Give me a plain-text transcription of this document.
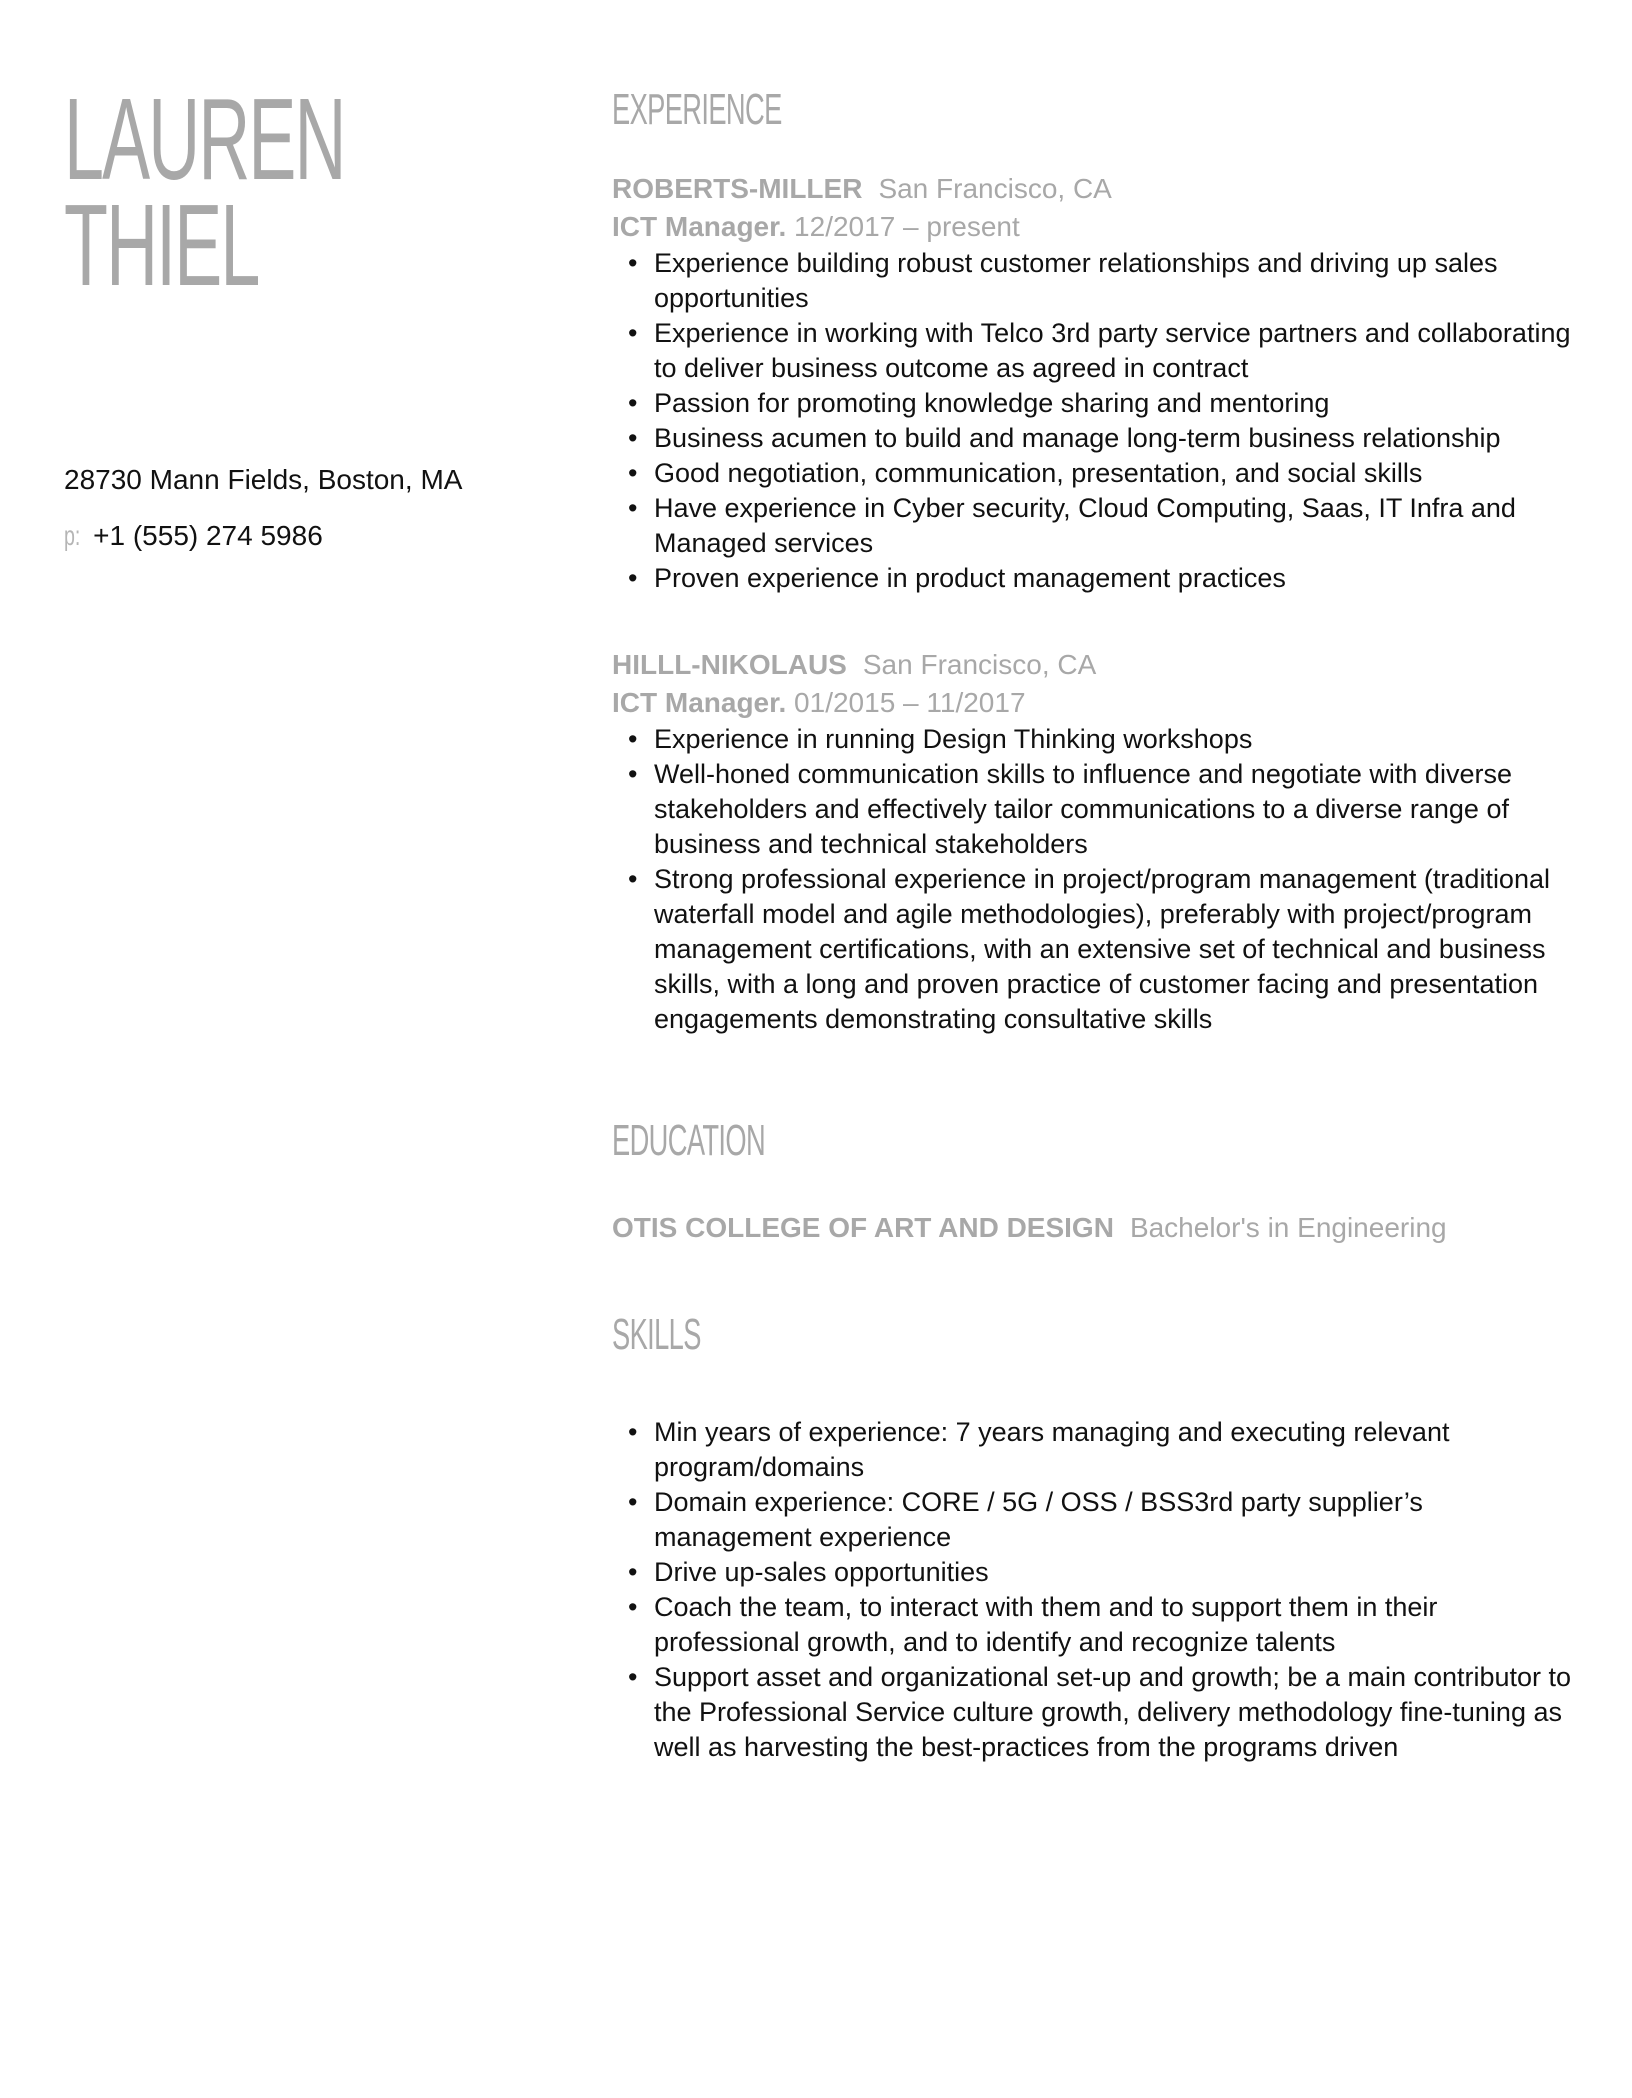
LAUREN
THIEL
28730 Mann Fields, Boston, MA
p: +1 (555) 274 5986
EXPERIENCE
ROBERTS-MILLER San Francisco, CA
ICT Manager. 12/2017 – present
• Experience building robust customer relationships and driving up sales opportunities
• Experience in working with Telco 3rd party service partners and collaborating to deliver business outcome as agreed in contract
• Passion for promoting knowledge sharing and mentoring
• Business acumen to build and manage long-term business relationship
• Good negotiation, communication, presentation, and social skills
• Have experience in Cyber security, Cloud Computing, Saas, IT Infra and Managed services
• Proven experience in product management practices
HILLL-NIKOLAUS San Francisco, CA
ICT Manager. 01/2015 – 11/2017
• Experience in running Design Thinking workshops
• Well-honed communication skills to influence and negotiate with diverse stakeholders and effectively tailor communications to a diverse range of business and technical stakeholders
• Strong professional experience in project/program management (traditional waterfall model and agile methodologies), preferably with project/program management certifications, with an extensive set of technical and business skills, with a long and proven practice of customer facing and presentation engagements demonstrating consultative skills
EDUCATION
OTIS COLLEGE OF ART AND DESIGN Bachelor's in Engineering
SKILLS
• Min years of experience: 7 years managing and executing relevant program/domains
• Domain experience: CORE / 5G / OSS / BSS3rd party supplier’s management experience
• Drive up-sales opportunities
• Coach the team, to interact with them and to support them in their professional growth, and to identify and recognize talents
• Support asset and organizational set-up and growth; be a main contributor to the Professional Service culture growth, delivery methodology fine-tuning as well as harvesting the best-practices from the programs driven
